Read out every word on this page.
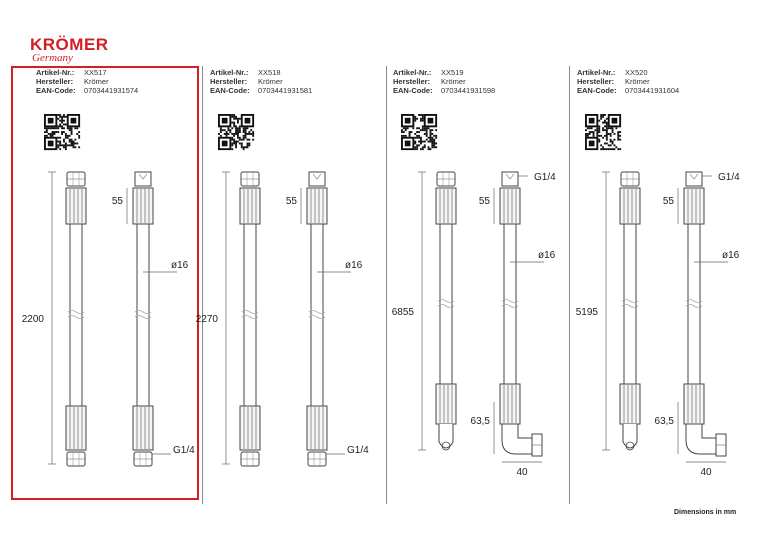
KRÖMER
Germany
Artikel-Nr.: XX517
Hersteller: Krömer
EAN-Code: 0703441931574
2200
55
ø16
G1/4
Artikel-Nr.: XX518
Hersteller: Krömer
EAN-Code: 0703441931581
2270
55
ø16
G1/4
Artikel-Nr.: XX519
Hersteller: Krömer
EAN-Code: 0703441931598
6855
55
ø16
G1/4
63,5
40
Artikel-Nr.: XX520
Hersteller: Krömer
EAN-Code: 0703441931604
5195
55
ø16
G1/4
63,5
40
Dimensions in mm
